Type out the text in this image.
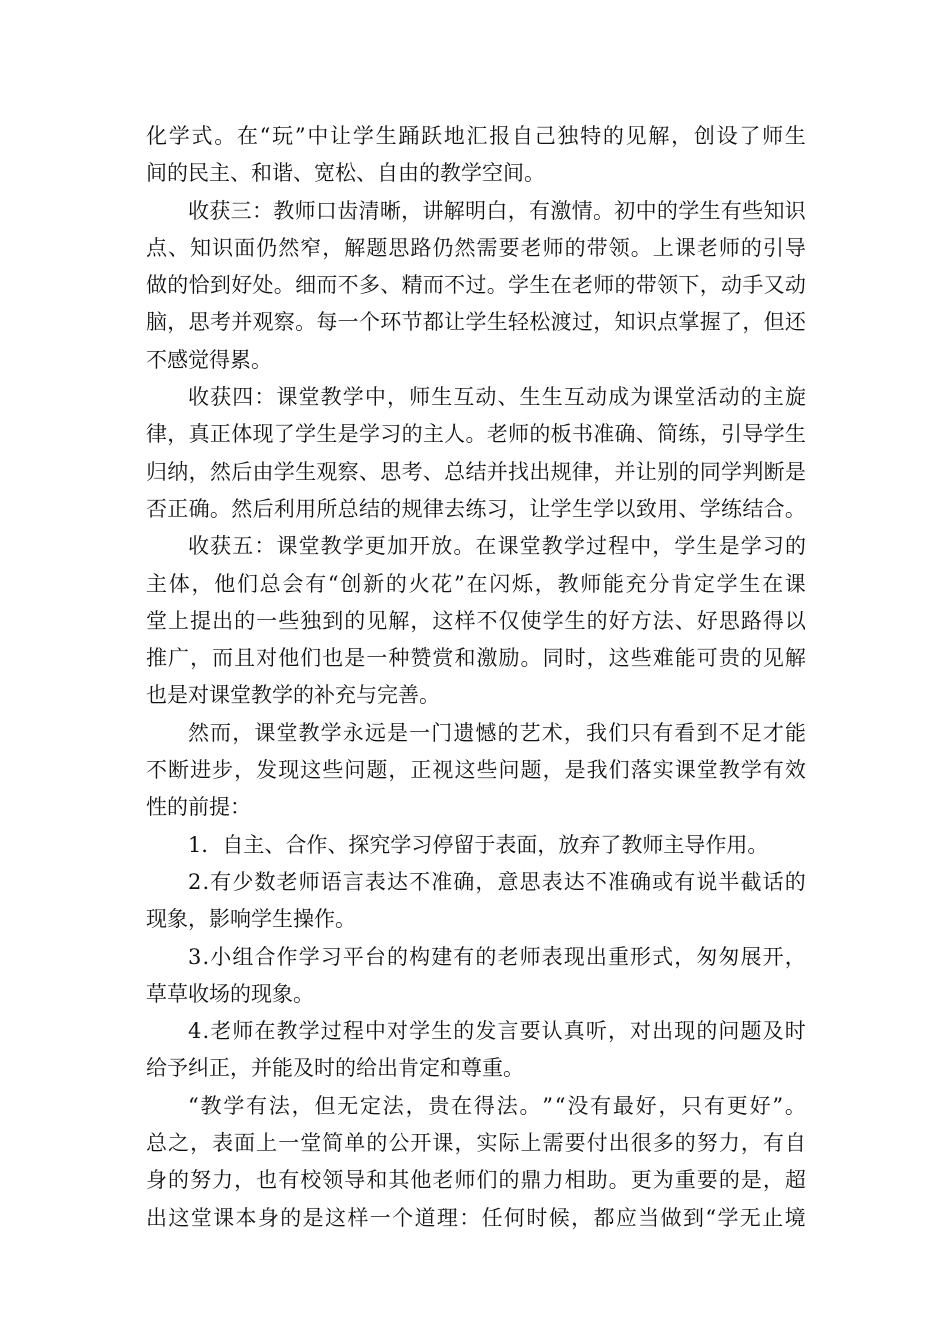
化 学 式 。 在 “ 玩 ” 中 让 学 生 踊 跃 地 汇 报 自 己 独 特 的 见 解 ， 创 设 了 师 生
间的民主、和谐、宽松、自由的教学空间。
收 获 三 ： 教 师 口 齿 清 晰 ， 讲 解 明 白 ， 有 激 情 。 初 中 的 学 生 有 些 知 识
点 、 知 识 面 仍 然 窄 ， 解 题 思 路 仍 然 需 要 老 师 的 带 领 。 上 课 老 师 的 引 导
做 的 恰 到 好 处 。 细 而 不 多 、 精 而 不 过 。 学 生 在 老 师 的 带 领 下 ， 动 手 又 动
脑 ， 思 考 并 观 察 。 每 一 个 环 节 都 让 学 生 轻 松 渡 过 ， 知 识 点 掌 握 了 ， 但 还
不感觉得累。
收 获 四 ： 课 堂 教 学 中 ， 师 生 互 动 、 生 生 互 动 成 为 课 堂 活 动 的 主 旋
律 ， 真 正 体 现 了 学 生 是 学 习 的 主 人 。 老 师 的 板 书 准 确 、 简 练 ， 引 导 学 生
归 纳 ， 然 后 由 学 生 观 察 、 思 考 、 总 结 并 找 出 规 律 ， 并 让 别 的 同 学 判 断 是
否 正 确 。 然 后 利 用 所 总 结 的 规 律 去 练 习 ， 让 学 生 学 以 致 用 、 学 练 结 合 。
收 获 五 ： 课 堂 教 学 更 加 开 放 。 在 课 堂 教 学 过 程 中 ， 学 生 是 学 习 的
主 体 ， 他 们 总 会 有 “ 创 新 的 火 花 ” 在 闪 烁 ， 教 师 能 充 分 肯 定 学 生 在 课
堂 上 提 出 的 一 些 独 到 的 见 解 ， 这 样 不 仅 使 学 生 的 好 方 法 、 好 思 路 得 以
推 广 ， 而 且 对 他 们 也 是 一 种 赞 赏 和 激 励 。 同 时 ， 这 些 难 能 可 贵 的 见 解
也是对课堂教学的补充与完善。
然 而 ， 课 堂 教 学 永 远 是 一 门 遗 憾 的 艺 术 ， 我 们 只 有 看 到 不 足 才 能
不 断 进 步 ， 发 现 这 些 问 题 ， 正 视 这 些 问 题 ， 是 我 们 落 实 课 堂 教 学 有 效
性的前提：
1．自主、合作、探究学习停留于表面，放弃了教师主导作用。
2 . 有 少 数 老 师 语 言 表 达 不 准 确 ， 意 思 表 达 不 准 确 或 有 说 半 截 话 的
现象，影响学生操作。
3 . 小 组 合 作 学 习 平 台 的 构 建 有 的 老 师 表 现 出 重 形 式 ， 匆 匆 展 开 ，
草草收场的现象。
4 . 老 师 在 教 学 过 程 中 对 学 生 的 发 言 要 认 真 听 ， 对 出 现 的 问 题 及 时
给予纠正，并能及时的给出肯定和尊重。
“ 教 学 有 法 ， 但 无 定 法 ， 贵 在 得 法 。 ” “ 没 有 最 好 ， 只 有 更 好 ” 。
总 之 ， 表 面 上 一 堂 简 单 的 公 开 课 ， 实 际 上 需 要 付 出 很 多 的 努 力 ， 有 自
身 的 努 力 ， 也 有 校 领 导 和 其 他 老 师 们 的 鼎 力 相 助 。 更 为 重 要 的 是 ， 超
出 这 堂 课 本 身 的 是 这 样 一 个 道 理 ： 任 何 时 候 ， 都 应 当 做 到 “ 学 无 止 境
